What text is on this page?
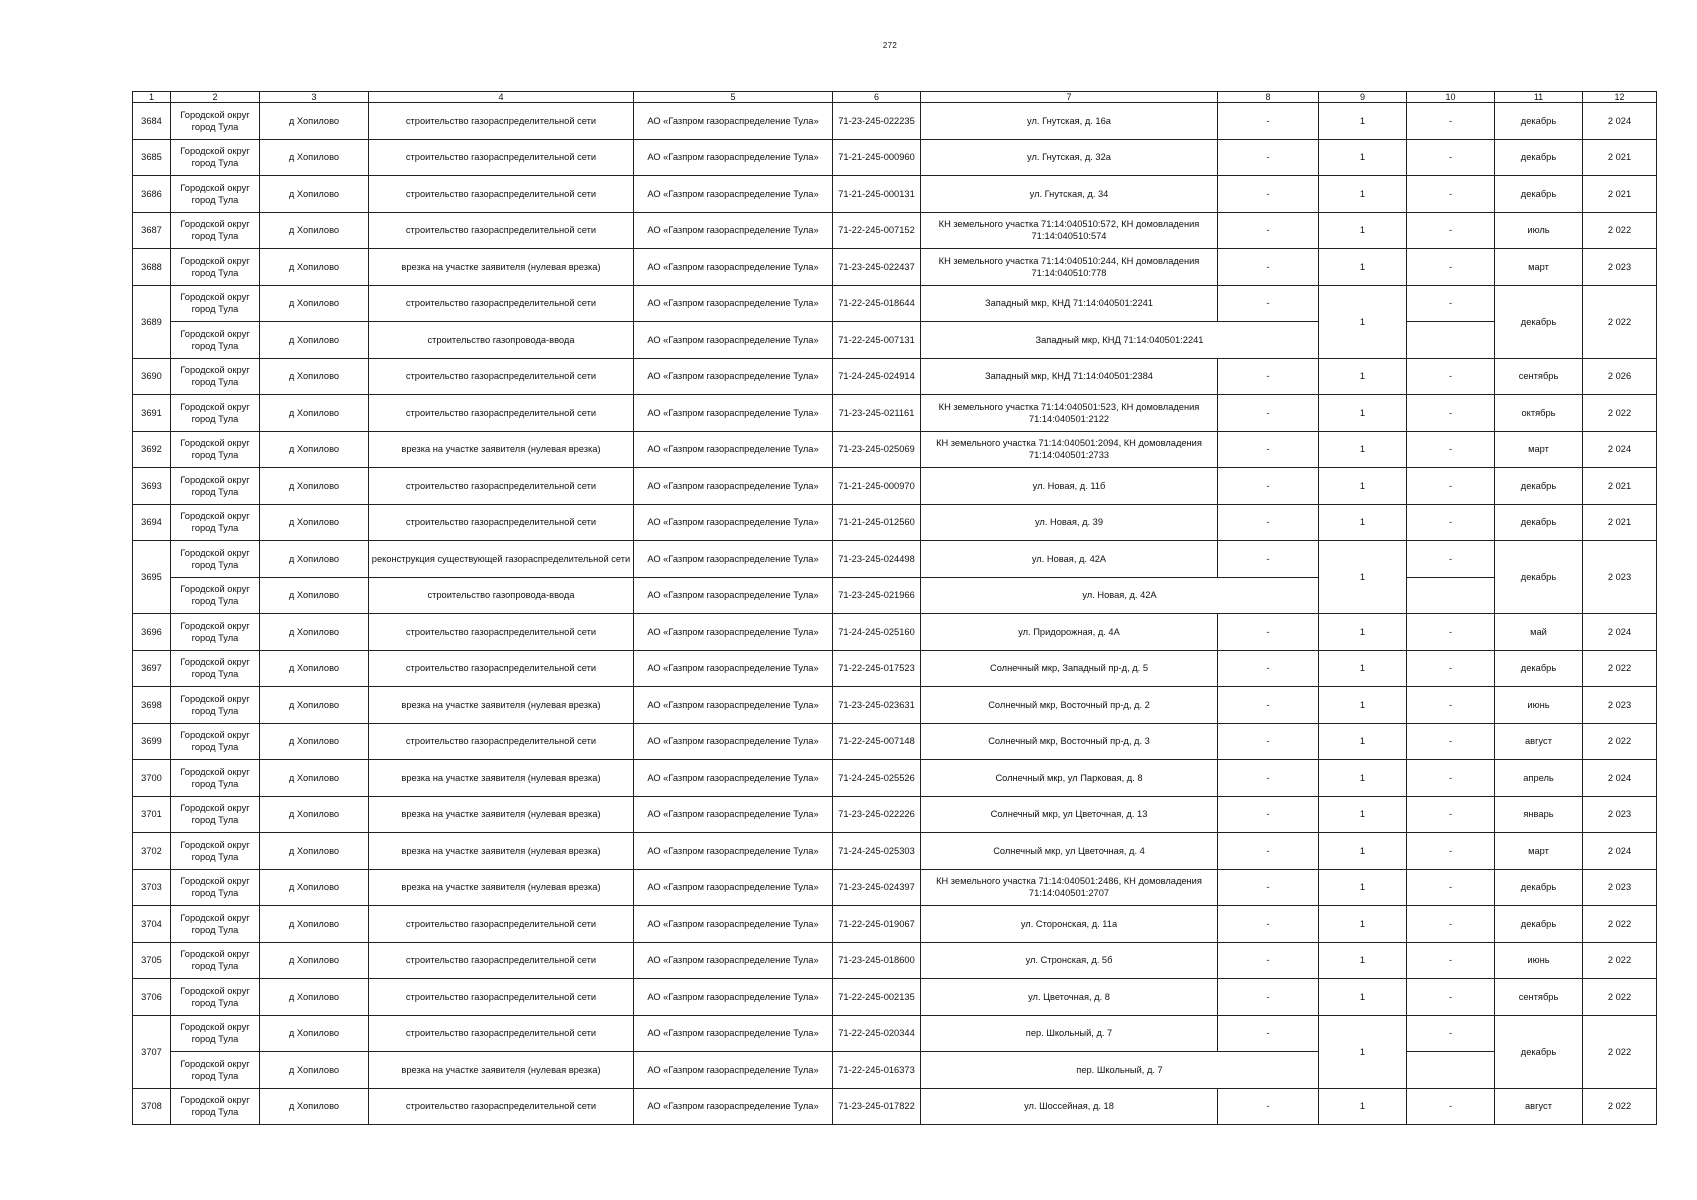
272
1	2	3	4	5	6	7	8	9	10	11	12
3684	Городской округ город Тула	д Хопилово	строительство газораспределительной сети	АО «Газпром газораспределение Тула»	71-23-245-022235	ул. Гнутская, д. 16а	-	1	-	декабрь	2 024
3685	Городской округ город Тула	д Хопилово	строительство газораспределительной сети	АО «Газпром газораспределение Тула»	71-21-245-000960	ул. Гнутская, д. 32а	-	1	-	декабрь	2 021
3686	Городской округ город Тула	д Хопилово	строительство газораспределительной сети	АО «Газпром газораспределение Тула»	71-21-245-000131	ул. Гнутская, д. 34	-	1	-	декабрь	2 021
3687	Городской округ город Тула	д Хопилово	строительство газораспределительной сети	АО «Газпром газораспределение Тула»	71-22-245-007152	КН земельного участка 71:14:040510:572, КН домовладения 71:14:040510:574	-	1	-	июль	2 022
3688	Городской округ город Тула	д Хопилово	врезка на участке заявителя (нулевая врезка)	АО «Газпром газораспределение Тула»	71-23-245-022437	КН земельного участка 71:14:040510:244, КН домовладения 71:14:040510:778	-	1	-	март	2 023
3689	Городской округ город Тула	д Хопилово	строительство газораспределительной сети	АО «Газпром газораспределение Тула»	71-22-245-018644	Западный мкр, КНД 71:14:040501:2241	-	1	-	декабрь	2 022
	Городской округ город Тула	д Хопилово	строительство газопровода-ввода	АО «Газпром газораспределение Тула»	71-22-245-007131	Западный мкр, КНД 71:14:040501:2241					
3690	Городской округ город Тула	д Хопилово	строительство газораспределительной сети	АО «Газпром газораспределение Тула»	71-24-245-024914	Западный мкр, КНД 71:14:040501:2384	-	1	-	сентябрь	2 026
3691	Городской округ город Тула	д Хопилово	строительство газораспределительной сети	АО «Газпром газораспределение Тула»	71-23-245-021161	КН земельного участка 71:14:040501:523, КН домовладения 71:14:040501:2122	-	1	-	октябрь	2 022
3692	Городской округ город Тула	д Хопилово	врезка на участке заявителя (нулевая врезка)	АО «Газпром газораспределение Тула»	71-23-245-025069	КН земельного участка 71:14:040501:2094, КН домовладения 71:14:040501:2733	-	1	-	март	2 024
3693	Городской округ город Тула	д Хопилово	строительство газораспределительной сети	АО «Газпром газораспределение Тула»	71-21-245-000970	ул. Новая, д. 11б	-	1	-	декабрь	2 021
3694	Городской округ город Тула	д Хопилово	строительство газораспределительной сети	АО «Газпром газораспределение Тула»	71-21-245-012560	ул. Новая, д. 39	-	1	-	декабрь	2 021
3695	Городской округ город Тула	д Хопилово	реконструкция существующей газораспределительной сети	АО «Газпром газораспределение Тула»	71-23-245-024498	ул. Новая, д. 42А	-	1	-	декабрь	2 023
	Городской округ город Тула	д Хопилово	строительство газопровода-ввода	АО «Газпром газораспределение Тула»	71-23-245-021966	ул. Новая, д. 42А					
3696	Городской округ город Тула	д Хопилово	строительство газораспределительной сети	АО «Газпром газораспределение Тула»	71-24-245-025160	ул. Придорожная, д. 4А	-	1	-	май	2 024
3697	Городской округ город Тула	д Хопилово	строительство газораспределительной сети	АО «Газпром газораспределение Тула»	71-22-245-017523	Солнечный мкр, Западный пр-д, д. 5	-	1	-	декабрь	2 022
3698	Городской округ город Тула	д Хопилово	врезка на участке заявителя (нулевая врезка)	АО «Газпром газораспределение Тула»	71-23-245-023631	Солнечный мкр, Восточный пр-д, д. 2	-	1	-	июнь	2 023
3699	Городской округ город Тула	д Хопилово	строительство газораспределительной сети	АО «Газпром газораспределение Тула»	71-22-245-007148	Солнечный мкр, Восточный пр-д, д. 3	-	1	-	август	2 022
3700	Городской округ город Тула	д Хопилово	врезка на участке заявителя (нулевая врезка)	АО «Газпром газораспределение Тула»	71-24-245-025526	Солнечный мкр, ул Парковая, д. 8	-	1	-	апрель	2 024
3701	Городской округ город Тула	д Хопилово	врезка на участке заявителя (нулевая врезка)	АО «Газпром газораспределение Тула»	71-23-245-022226	Солнечный мкр, ул Цветочная, д. 13	-	1	-	январь	2 023
3702	Городской округ город Тула	д Хопилово	врезка на участке заявителя (нулевая врезка)	АО «Газпром газораспределение Тула»	71-24-245-025303	Солнечный мкр, ул Цветочная, д. 4	-	1	-	март	2 024
3703	Городской округ город Тула	д Хопилово	врезка на участке заявителя (нулевая врезка)	АО «Газпром газораспределение Тула»	71-23-245-024397	КН земельного участка 71:14:040501:2486, КН домовладения 71:14:040501:2707	-	1	-	декабрь	2 023
3704	Городской округ город Тула	д Хопилово	строительство газораспределительной сети	АО «Газпром газораспределение Тула»	71-22-245-019067	ул. Сторонская, д. 11а	-	1	-	декабрь	2 022
3705	Городской округ город Тула	д Хопилово	строительство газораспределительной сети	АО «Газпром газораспределение Тула»	71-23-245-018600	ул. Стронская, д. 5б	-	1	-	июнь	2 022
3706	Городской округ город Тула	д Хопилово	строительство газораспределительной сети	АО «Газпром газораспределение Тула»	71-22-245-002135	ул. Цветочная, д. 8	-	1	-	сентябрь	2 022
3707	Городской округ город Тула	д Хопилово	строительство газораспределительной сети	АО «Газпром газораспределение Тула»	71-22-245-020344	пер. Школьный, д. 7	-	1	-	декабрь	2 022
	Городской округ город Тула	д Хопилово	врезка на участке заявителя (нулевая врезка)	АО «Газпром газораспределение Тула»	71-22-245-016373	пер. Школьный, д. 7					
3708	Городской округ город Тула	д Хопилово	строительство газораспределительной сети	АО «Газпром газораспределение Тула»	71-23-245-017822	ул. Шоссейная, д. 18	-	1	-	август	2 022
